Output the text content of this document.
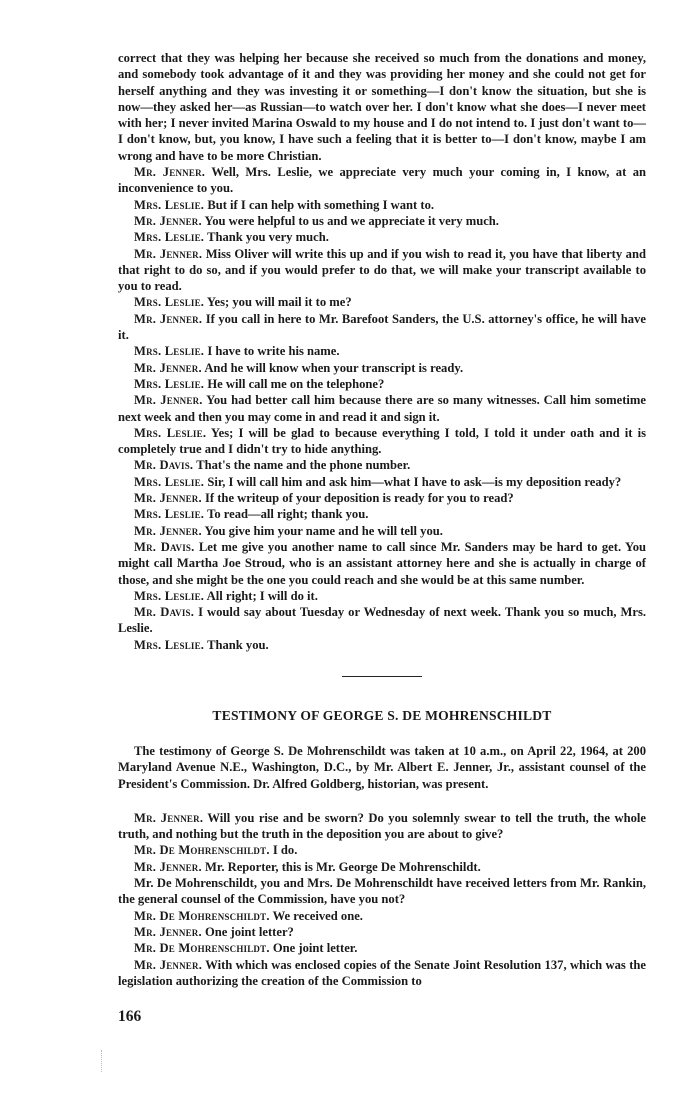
correct that they was helping her because she received so much from the donations and money, and somebody took advantage of it and they was providing her money and she could not get for herself anything and they was investing it or something—I don't know the situation, but she is now—they asked her—as Russian—to watch over her. I don't know what she does—I never meet with her; I never invited Marina Oswald to my house and I do not intend to. I just don't want to—I don't know, but, you know, I have such a feeling that it is better to—I don't know, maybe I am wrong and have to be more Christian.

Mr. Jenner. Well, Mrs. Leslie, we appreciate very much your coming in, I know, at an inconvenience to you.

Mrs. Leslie. But if I can help with something I want to.

Mr. Jenner. You were helpful to us and we appreciate it very much.

Mrs. Leslie. Thank you very much.

Mr. Jenner. Miss Oliver will write this up and if you wish to read it, you have that liberty and that right to do so, and if you would prefer to do that, we will make your transcript available to you to read.

Mrs. Leslie. Yes; you will mail it to me?

Mr. Jenner. If you call in here to Mr. Barefoot Sanders, the U.S. attorney's office, he will have it.

Mrs. Leslie. I have to write his name.

Mr. Jenner. And he will know when your transcript is ready.

Mrs. Leslie. He will call me on the telephone?

Mr. Jenner. You had better call him because there are so many witnesses. Call him sometime next week and then you may come in and read it and sign it.

Mrs. Leslie. Yes; I will be glad to because everything I told, I told it under oath and it is completely true and I didn't try to hide anything.

Mr. Davis. That's the name and the phone number.

Mrs. Leslie. Sir, I will call him and ask him—what I have to ask—is my deposition ready?

Mr. Jenner. If the writeup of your deposition is ready for you to read?

Mrs. Leslie. To read—all right; thank you.

Mr. Jenner. You give him your name and he will tell you.

Mr. Davis. Let me give you another name to call since Mr. Sanders may be hard to get. You might call Martha Joe Stroud, who is an assistant attorney here and she is actually in charge of those, and she might be the one you could reach and she would be at this same number.

Mrs. Leslie. All right; I will do it.

Mr. Davis. I would say about Tuesday or Wednesday of next week. Thank you so much, Mrs. Leslie.

Mrs. Leslie. Thank you.

TESTIMONY OF GEORGE S. DE MOHRENSCHILDT

The testimony of George S. De Mohrenschildt was taken at 10 a.m., on April 22, 1964, at 200 Maryland Avenue N.E., Washington, D.C., by Mr. Albert E. Jenner, Jr., assistant counsel of the President's Commission. Dr. Alfred Goldberg, historian, was present.

Mr. Jenner. Will you rise and be sworn? Do you solemnly swear to tell the truth, the whole truth, and nothing but the truth in the deposition you are about to give?

Mr. De Mohrenschildt. I do.

Mr. Jenner. Mr. Reporter, this is Mr. George De Mohrenschildt.

Mr. De Mohrenschildt, you and Mrs. De Mohrenschildt have received letters from Mr. Rankin, the general counsel of the Commission, have you not?

Mr. De Mohrenschildt. We received one.

Mr. Jenner. One joint letter?

Mr. De Mohrenschildt. One joint letter.

Mr. Jenner. With which was enclosed copies of the Senate Joint Resolution 137, which was the legislation authorizing the creation of the Commission to

166
